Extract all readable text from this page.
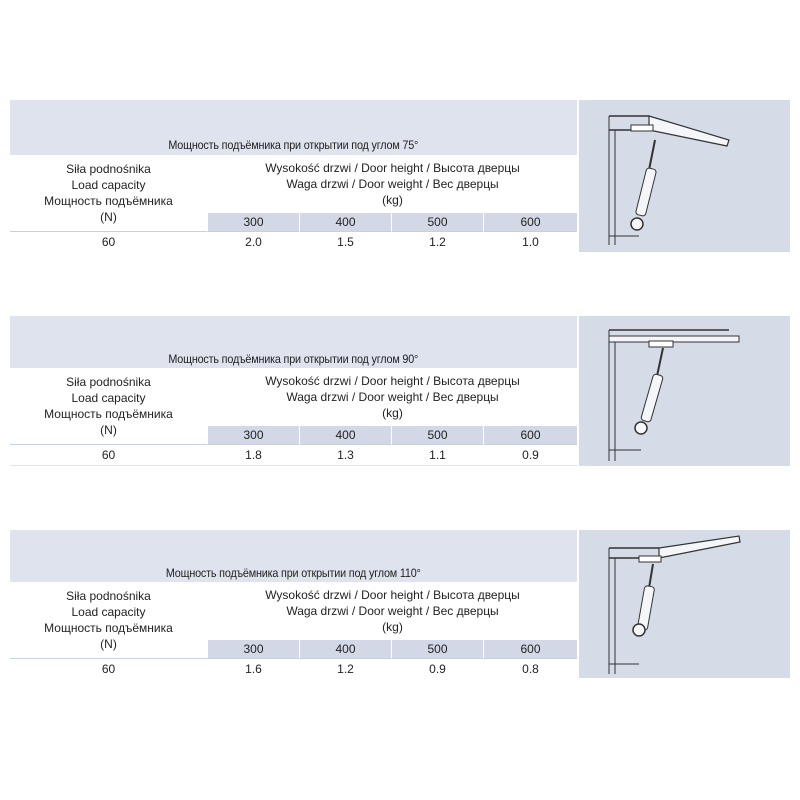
Мощность подъёмника при открытии под углом 75°
Siła podnośnika
Load capacity
Мощность подъёмника
(N)
Wysokość drzwi / Door height / Высота дверцы
Waga drzwi / Door weight / Вес дверцы
(kg)
300	400	500	600
60	2.0	1.5	1.2	1.0
Мощность подъёмника при открытии под углом 90°
Siła podnośnika
Load capacity
Мощность подъёмника
(N)
Wysokość drzwi / Door height / Высота дверцы
Waga drzwi / Door weight / Вес дверцы
(kg)
300	400	500	600
60	1.8	1.3	1.1	0.9
Мощность подъёмника при открытии под углом 110°
Siła podnośnika
Load capacity
Мощность подъёмника
(N)
Wysokość drzwi / Door height / Высота дверцы
Waga drzwi / Door weight / Вес дверцы
(kg)
300	400	500	600
60	1.6	1.2	0.9	0.8
